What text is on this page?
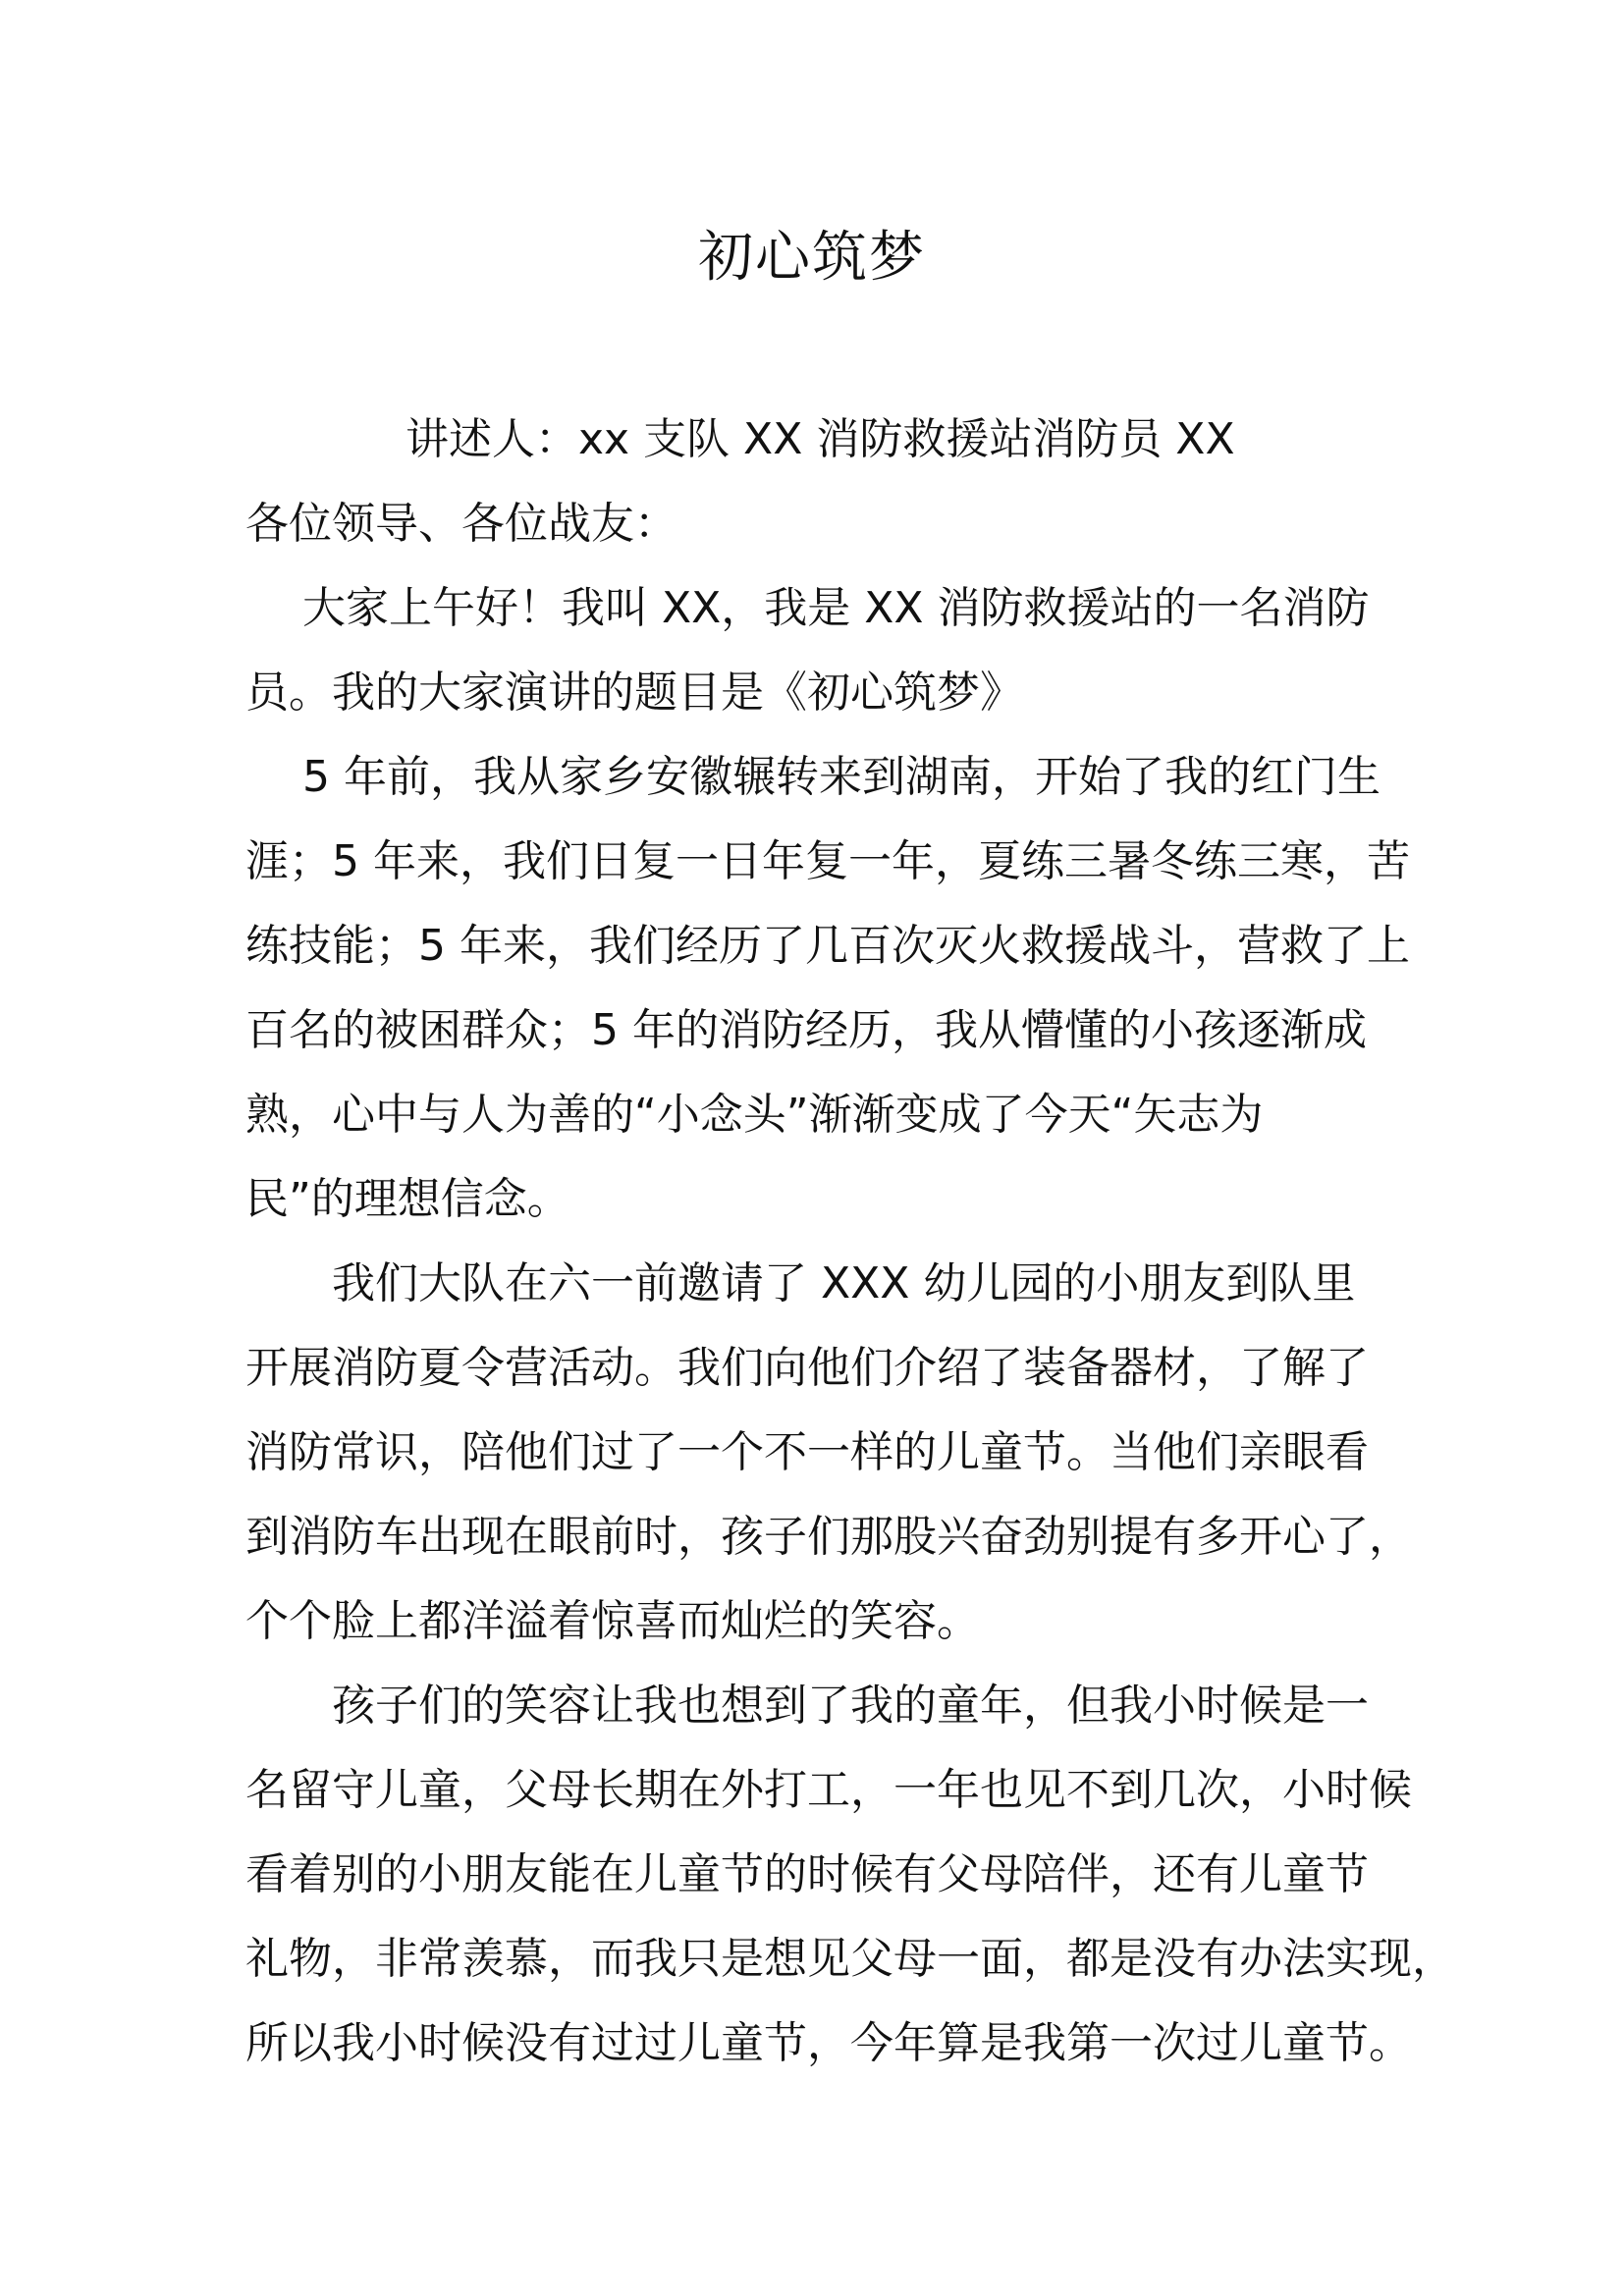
初心筑梦
讲述人：xx 支队 XX 消防救援站消防员 XX
各位领导、各位战友：
大家上午好！我叫 XX，我是 XX 消防救援站的一名消防
员。我的大家演讲的题目是《初心筑梦》
5 年前，我从家乡安徽辗转来到湖南，开始了我的红门生
涯；5 年来，我们日复一日年复一年，夏练三暑冬练三寒，苦
练技能；5 年来，我们经历了几百次灭火救援战斗，营救了上
百名的被困群众；5 年的消防经历，我从懵懂的小孩逐渐成
熟，心中与人为善的“小念头”渐渐变成了今天“矢志为
民”的理想信念。
我们大队在六一前邀请了 XXX 幼儿园的小朋友到队里
开展消防夏令营活动。我们向他们介绍了装备器材，了解了
消防常识，陪他们过了一个不一样的儿童节。当他们亲眼看
到消防车出现在眼前时，孩子们那股兴奋劲别提有多开心了，
个个脸上都洋溢着惊喜而灿烂的笑容。
孩子们的笑容让我也想到了我的童年，但我小时候是一
名留守儿童，父母长期在外打工，一年也见不到几次，小时候
看着别的小朋友能在儿童节的时候有父母陪伴，还有儿童节
礼物，非常羡慕，而我只是想见父母一面，都是没有办法实现，
所以我小时候没有过过儿童节，今年算是我第一次过儿童节。
